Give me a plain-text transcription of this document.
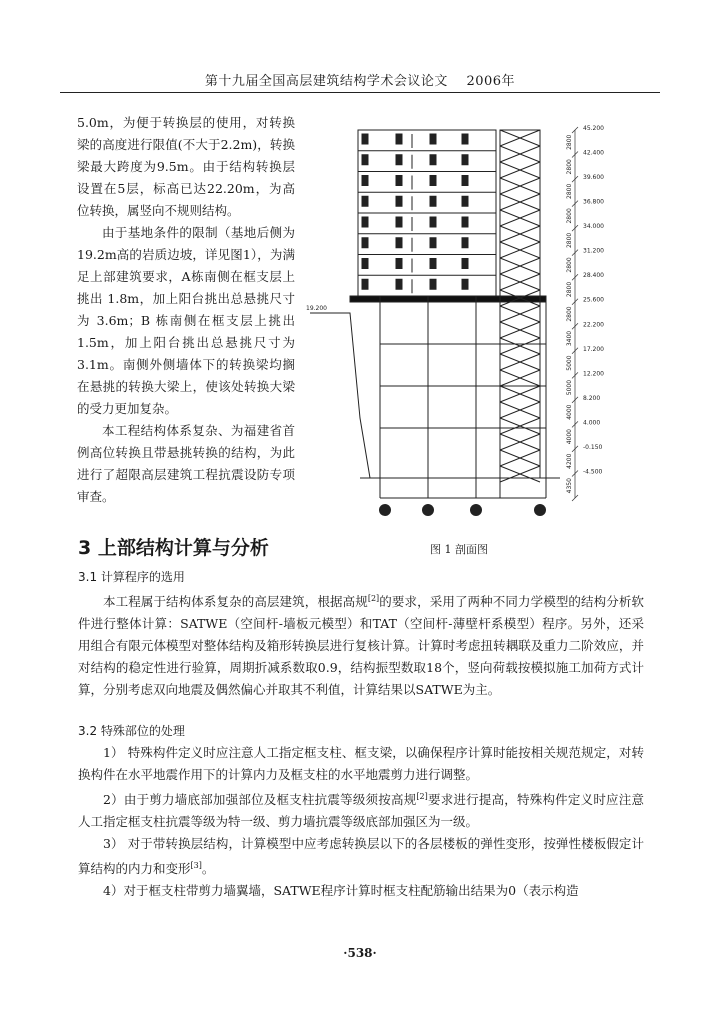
第十九届全国高层建筑结构学术会议论文 2006年

5.0m，为便于转换层的使用，对转换梁的高度进行限值(不大于2.2m)，转换梁最大跨度为9.5m。由于结构转换层设置在5层，标高已达22.20m，为高位转换，属竖向不规则结构。

由于基地条件的限制（基地后侧为19.2m高的岩质边坡，详见图1），为满足上部建筑要求，A栋南侧在框支层上挑出 1.8m，加上阳台挑出总悬挑尺寸为 3.6m；B 栋南侧在框支层上挑出 1.5m，加上阳台挑出总悬挑尺寸为 3.1m。南侧外侧墙体下的转换梁均搁在悬挑的转换大梁上，使该处转换大梁的受力更加复杂。

本工程结构体系复杂、为福建省首例高位转换且带悬挑转换的结构，为此进行了超限高层建筑工程抗震设防专项审查。

2800
2800
2800
2800
2800
2800
2800
2800
3400
5000
5000
4000
4000
4200
4350
45.200
42.400
39.600
36.800
34.000
31.200
28.400
25.600
22.200
17.200
12.200
8.200
4.000
-0.150
-4.500
19.200
A	B	C	D
图 1 剖面图
3 上部结构计算与分析

3.1 计算程序的选用

本工程属于结构体系复杂的高层建筑，根据高规[2]的要求，采用了两种不同力学模型的结构分析软件进行整体计算：SATWE（空间杆-墙板元模型）和TAT（空间杆-薄壁杆系模型）程序。另外，还采用组合有限元体模型对整体结构及箱形转换层进行复核计算。计算时考虑扭转耦联及重力二阶效应，并对结构的稳定性进行验算，周期折减系数取0.9，结构振型数取18个，竖向荷载按模拟施工加荷方式计算，分别考虑双向地震及偶然偏心并取其不利值，计算结果以SATWE为主。

3.2 特殊部位的处理

1） 特殊构件定义时应注意人工指定框支柱、框支梁，以确保程序计算时能按相关规范规定，对转换构件在水平地震作用下的计算内力及框支柱的水平地震剪力进行调整。

2）由于剪力墙底部加强部位及框支柱抗震等级须按高规[2]要求进行提高，特殊构件定义时应注意人工指定框支柱抗震等级为特一级、剪力墙抗震等级底部加强区为一级。

3） 对于带转换层结构，计算模型中应考虑转换层以下的各层楼板的弹性变形，按弹性楼板假定计算结构的内力和变形[3]。

4）对于框支柱带剪力墙翼墙，SATWE程序计算时框支柱配筋输出结果为0（表示构造

·538·
